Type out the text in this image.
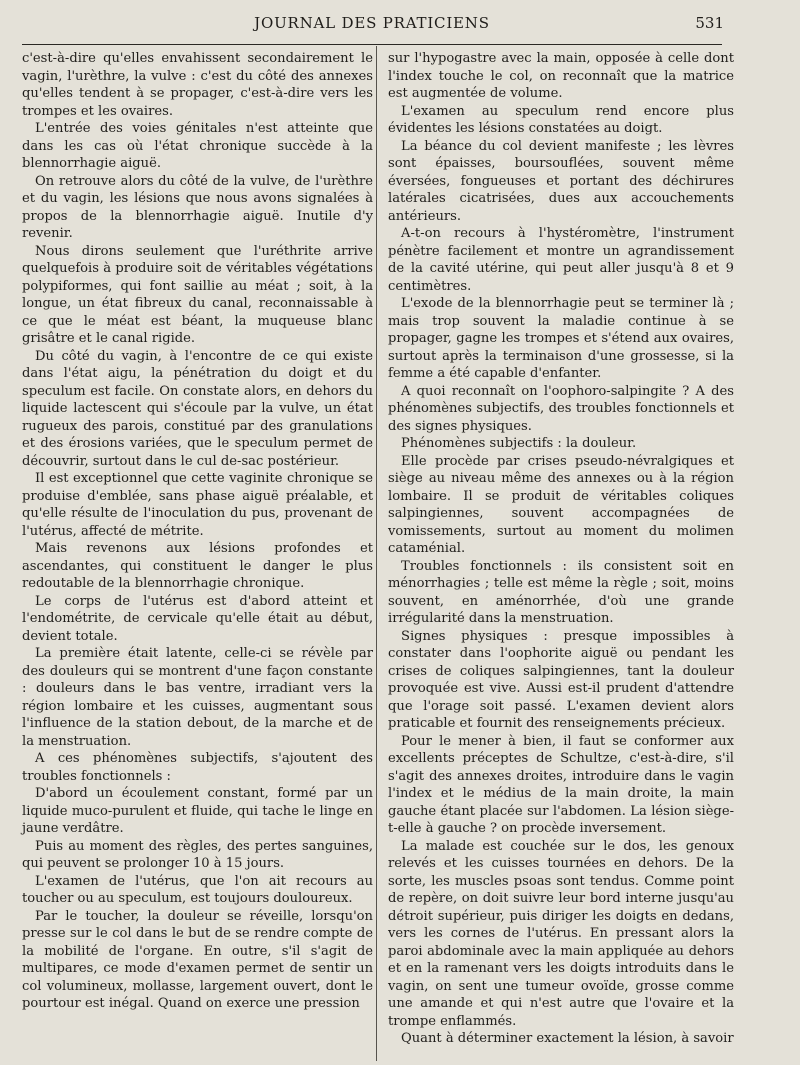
JOURNAL DES PRATICIENS	531

c'est-à-dire qu'elles envahissent secondairement le vagin, l'urèthre, la vulve : c'est du côté des annexes qu'elles tendent à se propager, c'est-à-dire vers les trompes et les ovaires.

L'entrée des voies génitales n'est atteinte que dans les cas où l'état chronique succède à la blennorrhagie aiguë.

On retrouve alors du côté de la vulve, de l'urèthre et du vagin, les lésions que nous avons signalées à propos de la blennorrhagie aiguë. Inutile d'y revenir.

Nous dirons seulement que l'uréthrite arrive quelquefois à produire soit de véritables végétations polypiformes, qui font saillie au méat ; soit, à la longue, un état fibreux du canal, reconnaissable à ce que le méat est béant, la muqueuse blanc grisâtre et le canal rigide.

Du côté du vagin, à l'encontre de ce qui existe dans l'état aigu, la pénétration du doigt et du speculum est facile. On constate alors, en dehors du liquide lactescent qui s'écoule par la vulve, un état rugueux des parois, constitué par des granulations et des érosions variées, que le speculum permet de découvrir, surtout dans le cul de-sac postérieur.

Il est exceptionnel que cette vaginite chronique se produise d'emblée, sans phase aiguë préalable, et qu'elle résulte de l'inoculation du pus, provenant de l'utérus, affecté de métrite.

Mais revenons aux lésions profondes et ascendantes, qui constituent le danger le plus redoutable de la blennorrhagie chronique.

Le corps de l'utérus est d'abord atteint et l'endométrite, de cervicale qu'elle était au début, devient totale.

La première était latente, celle-ci se révèle par des douleurs qui se montrent d'une façon constante : douleurs dans le bas ventre, irradiant vers la région lombaire et les cuisses, augmentant sous l'influence de la station debout, de la marche et de la menstruation.

A ces phénomènes subjectifs, s'ajoutent des troubles fonctionnels :

D'abord un écoulement constant, formé par un liquide muco-purulent et fluide, qui tache le linge en jaune verdâtre.

Puis au moment des règles, des pertes sanguines, qui peuvent se prolonger 10 à 15 jours.

L'examen de l'utérus, que l'on ait recours au toucher ou au speculum, est toujours douloureux.

Par le toucher, la douleur se réveille, lorsqu'on presse sur le col dans le but de se rendre compte de la mobilité de l'organe. En outre, s'il s'agit de multipares, ce mode d'examen permet de sentir un col volumineux, mollasse, largement ouvert, dont le pourtour est inégal. Quand on exerce une pression

sur l'hypogastre avec la main, opposée à celle dont l'index touche le col, on reconnaît que la matrice est augmentée de volume.

L'examen au speculum rend encore plus évidentes les lésions constatées au doigt.

La béance du col devient manifeste ; les lèvres sont épaisses, boursouflées, souvent même éversées, fongueuses et portant des déchirures latérales cicatrisées, dues aux accouchements antérieurs.

A-t-on recours à l'hystéromètre, l'instrument pénètre facilement et montre un agrandissement de la cavité utérine, qui peut aller jusqu'à 8 et 9 centimètres.

L'exode de la blennorrhagie peut se terminer là ; mais trop souvent la maladie continue à se propager, gagne les trompes et s'étend aux ovaires, surtout après la terminaison d'une grossesse, si la femme a été capable d'enfanter.

A quoi reconnaît on l'oophoro-salpingite ? A des phénomènes subjectifs, des troubles fonctionnels et des signes physiques.

Phénomènes subjectifs : la douleur.

Elle procède par crises pseudo-névralgiques et siège au niveau même des annexes ou à la région lombaire. Il se produit de véritables coliques salpingiennes, souvent accompagnées de vomissements, surtout au moment du molimen cataménial.

Troubles fonctionnels : ils consistent soit en ménorrhagies ; telle est même la règle ; soit, moins souvent, en aménorrhée, d'où une grande irrégularité dans la menstruation.

Signes physiques : presque impossibles à constater dans l'oophorite aiguë ou pendant les crises de coliques salpingiennes, tant la douleur provoquée est vive. Aussi est-il prudent d'attendre que l'orage soit passé. L'examen devient alors praticable et fournit des renseignements précieux.

Pour le mener à bien, il faut se conformer aux excellents préceptes de Schultze, c'est-à-dire, s'il s'agit des annexes droites, introduire dans le vagin l'index et le médius de la main droite, la main gauche étant placée sur l'abdomen. La lésion siège-t-elle à gauche ? on procède inversement.

La malade est couchée sur le dos, les genoux relevés et les cuisses tournées en dehors. De la sorte, les muscles psoas sont tendus. Comme point de repère, on doit suivre leur bord interne jusqu'au détroit supérieur, puis diriger les doigts en dedans, vers les cornes de l'utérus. En pressant alors la paroi abdominale avec la main appliquée au dehors et en la ramenant vers les doigts introduits dans le vagin, on sent une tumeur ovoïde, grosse comme une amande et qui n'est autre que l'ovaire et la trompe enflammés.

Quant à déterminer exactement la lésion, à savoir
